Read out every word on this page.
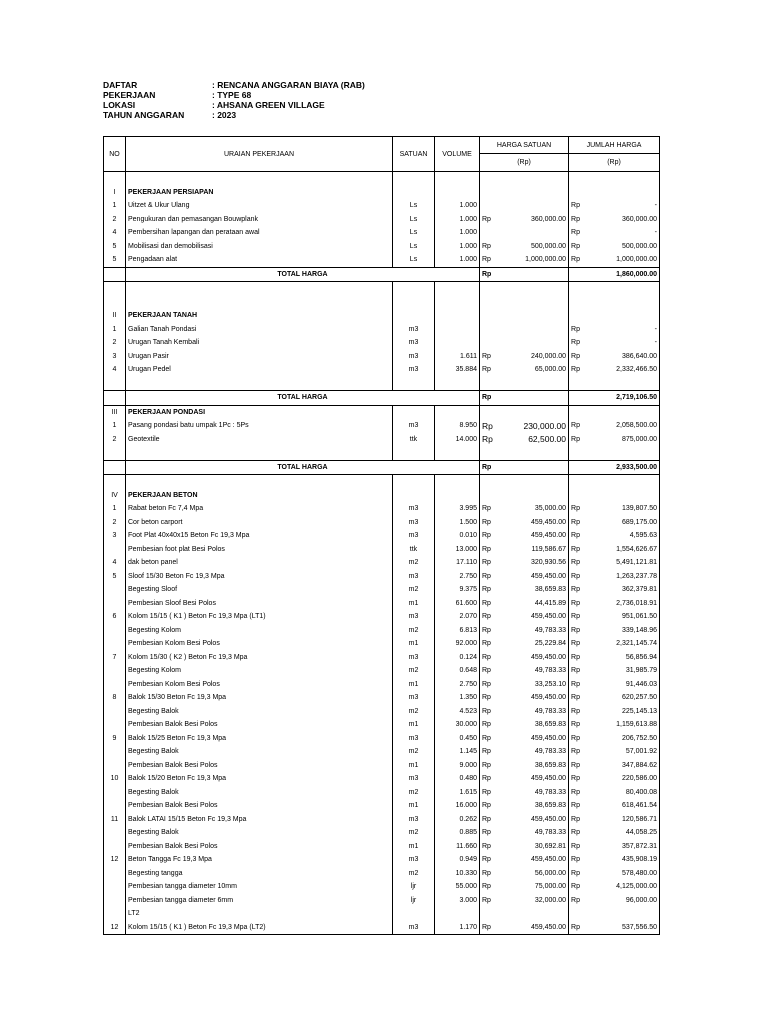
DAFTAR	: RENCANA ANGGARAN BIAYA (RAB)
PEKERJAAN	: TYPE 68
LOKASI	: AHSANA GREEN VILLAGE
TAHUN ANGGARAN	: 2023
NO	URAIAN PEKERJAAN	SATUAN	VOLUME	HARGA SATUAN		JUMLAH HARGA	
				(Rp)		(Rp)	

I	PEKERJAAN PERSIAPAN						
1	Uitzet & Ukur Ulang	Ls	1.000			Rp	-
2	Pengukuran dan pemasangan Bouwplank	Ls	1.000	Rp	360,000.00	Rp	360,000.00
4	Pembersihan lapangan dan perataan awal	Ls	1.000			Rp	-
5	Mobilisasi dan demobilisasi	Ls	1.000	Rp	500,000.00	Rp	500,000.00
5	Pengadaan alat	Ls	1.000	Rp	1,000,000.00	Rp	1,000,000.00
	TOTAL HARGA			Rp			1,860,000.00

II	PEKERJAAN TANAH						
1	Galian Tanah Pondasi	m3				Rp	-
2	Urugan Tanah Kembali	m3				Rp	-
3	Urugan Pasir	m3	1.611	Rp	240,000.00	Rp	386,640.00
4	Urugan Pedel	m3	35.884	Rp	65,000.00	Rp	2,332,466.50

	TOTAL HARGA			Rp			2,719,106.50
III	PEKERJAAN PONDASI						
1	Pasang pondasi batu umpak 1Pc : 5Ps	m3	8.950	Rp	230,000.00	Rp	2,058,500.00
2	Geotextile	ttk	14.000	Rp	62,500.00	Rp	875,000.00

	TOTAL HARGA			Rp			2,933,500.00

IV	PEKERJAAN BETON						
1	Rabat beton Fc 7,4 Mpa	m3	3.995	Rp	35,000.00	Rp	139,807.50
2	Cor beton carport	m3	1.500	Rp	459,450.00	Rp	689,175.00
3	Foot Plat 40x40x15 Beton Fc 19,3 Mpa	m3	0.010	Rp	459,450.00	Rp	4,595.63
	Pembesian foot plat Besi Polos	ttk	13.000	Rp	119,586.67	Rp	1,554,626.67
4	dak beton panel	m2	17.110	Rp	320,930.56	Rp	5,491,121.81
5	Sloof 15/30 Beton Fc 19,3 Mpa	m3	2.750	Rp	459,450.00	Rp	1,263,237.78
	Begesting Sloof	m2	9.375	Rp	38,659.83	Rp	362,379.81
	Pembesian Sloof Besi Polos	m1	61.600	Rp	44,415.89	Rp	2,736,018.91
6	Kolom 15/15 ( K1 ) Beton Fc 19,3 Mpa (LT1)	m3	2.070	Rp	459,450.00	Rp	951,061.50
	Begesting Kolom	m2	6.813	Rp	49,783.33	Rp	339,148.96
	Pembesian Kolom Besi Polos	m1	92.000	Rp	25,229.84	Rp	2,321,145.74
7	Kolom 15/30 ( K2 ) Beton Fc 19,3 Mpa	m3	0.124	Rp	459,450.00	Rp	56,856.94
	Begesting Kolom	m2	0.648	Rp	49,783.33	Rp	31,985.79
	Pembesian Kolom Besi Polos	m1	2.750	Rp	33,253.10	Rp	91,446.03
8	Balok 15/30 Beton Fc 19,3 Mpa	m3	1.350	Rp	459,450.00	Rp	620,257.50
	Begesting Balok	m2	4.523	Rp	49,783.33	Rp	225,145.13
	Pembesian Balok Besi Polos	m1	30.000	Rp	38,659.83	Rp	1,159,613.88
9	Balok 15/25 Beton Fc 19,3 Mpa	m3	0.450	Rp	459,450.00	Rp	206,752.50
	Begesting Balok	m2	1.145	Rp	49,783.33	Rp	57,001.92
	Pembesian Balok Besi Polos	m1	9.000	Rp	38,659.83	Rp	347,884.62
10	Balok 15/20 Beton Fc 19,3 Mpa	m3	0.480	Rp	459,450.00	Rp	220,586.00
	Begesting Balok	m2	1.615	Rp	49,783.33	Rp	80,400.08
	Pembesian Balok Besi Polos	m1	16.000	Rp	38,659.83	Rp	618,461.54
11	Balok LATAI 15/15 Beton Fc 19,3 Mpa	m3	0.262	Rp	459,450.00	Rp	120,586.71
	Begesting Balok	m2	0.885	Rp	49,783.33	Rp	44,058.25
	Pembesian Balok Besi Polos	m1	11.660	Rp	30,692.81	Rp	357,872.31
12	Beton Tangga Fc 19,3 Mpa	m3	0.949	Rp	459,450.00	Rp	435,908.19
	Begesting tangga	m2	10.330	Rp	56,000.00	Rp	578,480.00
	Pembesian tangga diameter 10mm	ljr	55.000	Rp	75,000.00	Rp	4,125,000.00
	Pembesian tangga diameter 6mm	ljr	3.000	Rp	32,000.00	Rp	96,000.00
	LT2						
12	Kolom 15/15 ( K1 ) Beton Fc 19,3 Mpa (LT2)	m3	1.170	Rp	459,450.00	Rp	537,556.50
